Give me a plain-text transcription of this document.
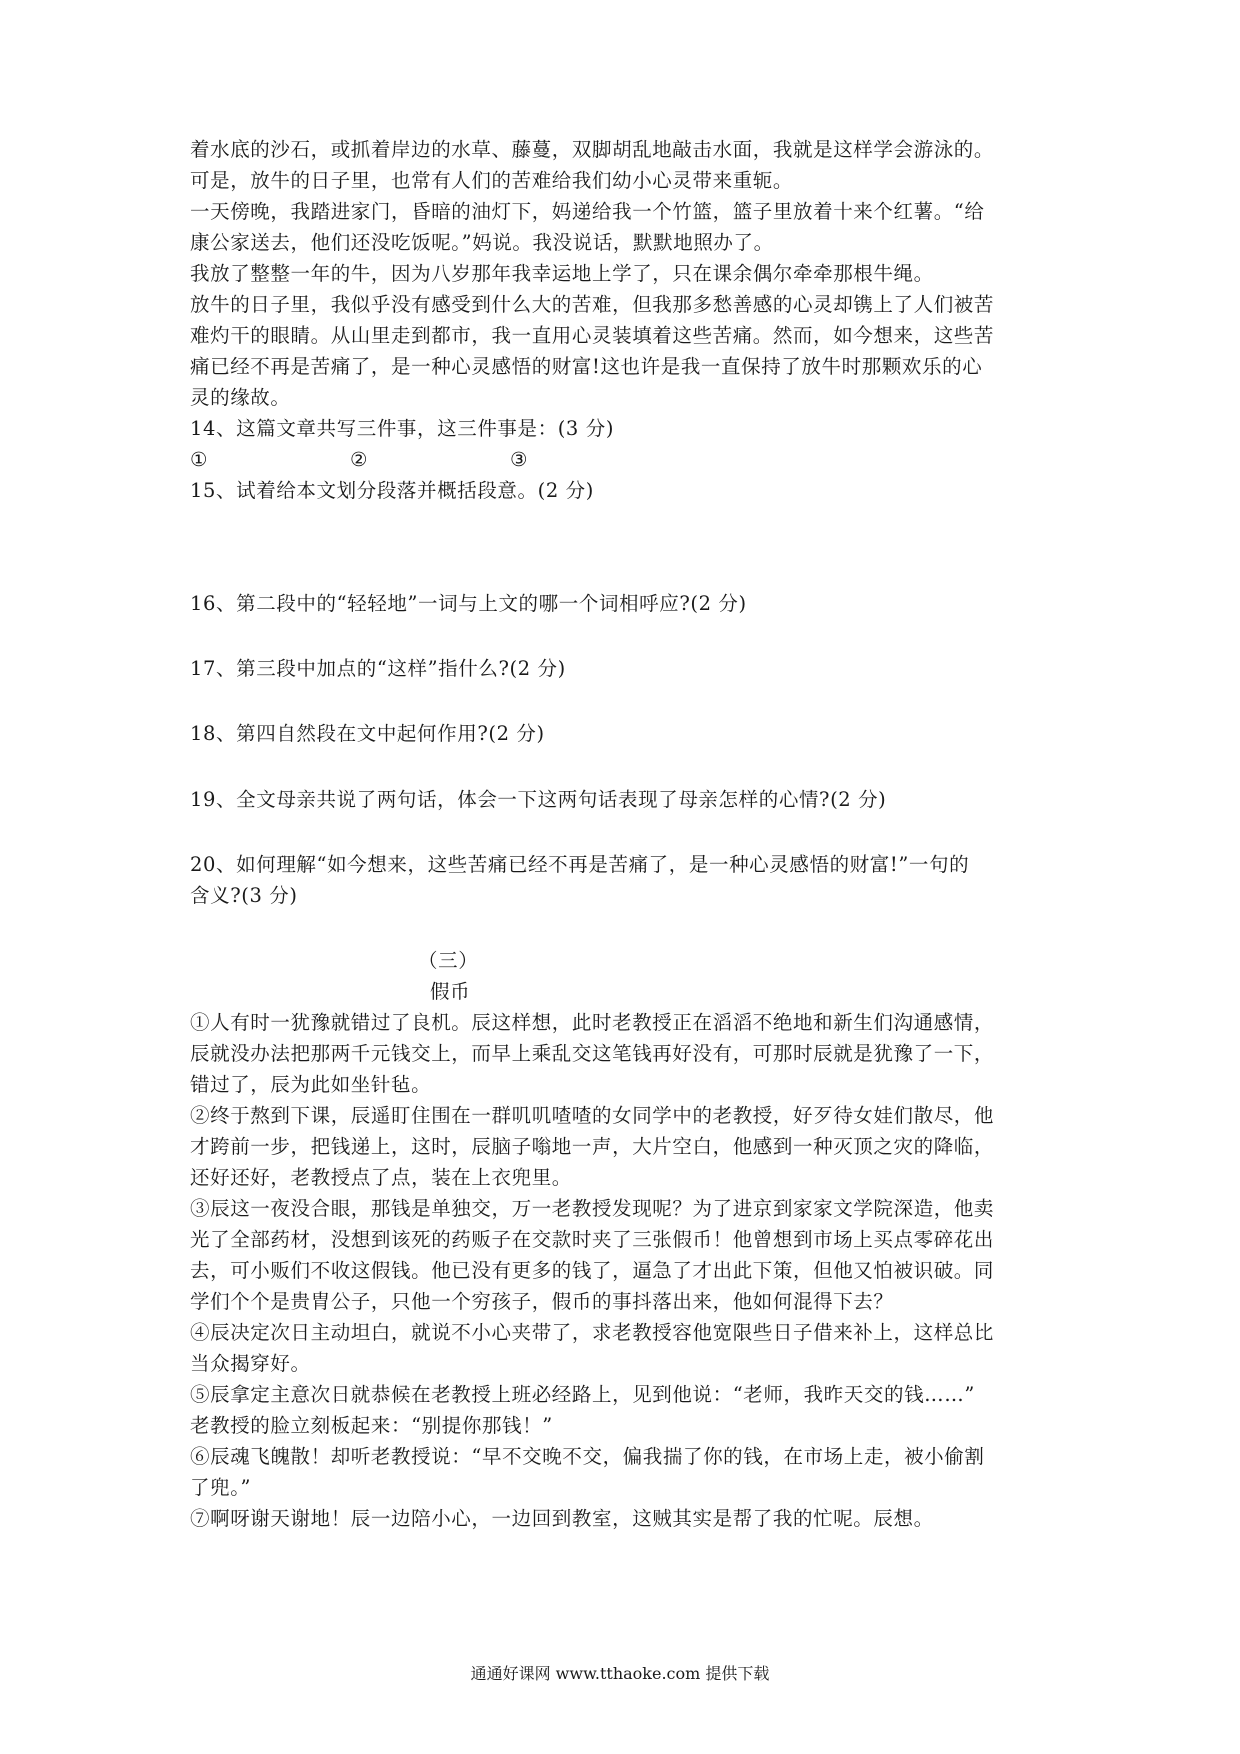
着水底的沙石，或抓着岸边的水草、藤蔓，双脚胡乱地敲击水面，我就是这样学会游泳的。
可是，放牛的日子里，也常有人们的苦难给我们幼小心灵带来重轭。
一天傍晚，我踏进家门，昏暗的油灯下，妈递给我一个竹篮，篮子里放着十来个红薯。“给
康公家送去，他们还没吃饭呢。”妈说。我没说话，默默地照办了。
我放了整整一年的牛，因为八岁那年我幸运地上学了，只在课余偶尔牵牵那根牛绳。
放牛的日子里，我似乎没有感受到什么大的苦难，但我那多愁善感的心灵却镌上了人们被苦
难灼干的眼睛。从山里走到都市，我一直用心灵装填着这些苦痛。然而，如今想来，这些苦
痛已经不再是苦痛了，是一种心灵感悟的财富!这也许是我一直保持了放牛时那颗欢乐的心
灵的缘故。
14、这篇文章共写三件事，这三件事是：(3 分)
①	②	③
15、试着给本文划分段落并概括段意。(2 分)
16、第二段中的“轻轻地”一词与上文的哪一个词相呼应?(2 分)
17、第三段中加点的“这样”指什么?(2 分)
18、第四自然段在文中起何作用?(2 分)
19、全文母亲共说了两句话，体会一下这两句话表现了母亲怎样的心情?(2 分)
20、如何理解“如今想来，这些苦痛已经不再是苦痛了，是一种心灵感悟的财富!”一句的
含义?(3 分)
（三）
假币
①人有时一犹豫就错过了良机。辰这样想，此时老教授正在滔滔不绝地和新生们沟通感情，
辰就没办法把那两千元钱交上，而早上乘乱交这笔钱再好没有，可那时辰就是犹豫了一下，
错过了，辰为此如坐针毡。
②终于熬到下课，辰遥盯住围在一群叽叽喳喳的女同学中的老教授，好歹待女娃们散尽，他
才跨前一步，把钱递上，这时，辰脑子嗡地一声，大片空白，他感到一种灭顶之灾的降临，
还好还好，老教授点了点，装在上衣兜里。
③辰这一夜没合眼，那钱是单独交，万一老教授发现呢？为了进京到家家文学院深造，他卖
光了全部药材，没想到该死的药贩子在交款时夹了三张假币！他曾想到市场上买点零碎花出
去，可小贩们不收这假钱。他已没有更多的钱了，逼急了才出此下策，但他又怕被识破。同
学们个个是贵胄公子，只他一个穷孩子，假币的事抖落出来，他如何混得下去？
④辰决定次日主动坦白，就说不小心夹带了，求老教授容他宽限些日子借来补上，这样总比
当众揭穿好。
⑤辰拿定主意次日就恭候在老教授上班必经路上，见到他说：“老师，我昨天交的钱……”
老教授的脸立刻板起来：“别提你那钱！”
⑥辰魂飞魄散！却听老教授说：“早不交晚不交，偏我揣了你的钱，在市场上走，被小偷割
了兜。”
⑦啊呀谢天谢地！辰一边陪小心，一边回到教室，这贼其实是帮了我的忙呢。辰想。
通通好课网 www.tthaoke.com 提供下载
